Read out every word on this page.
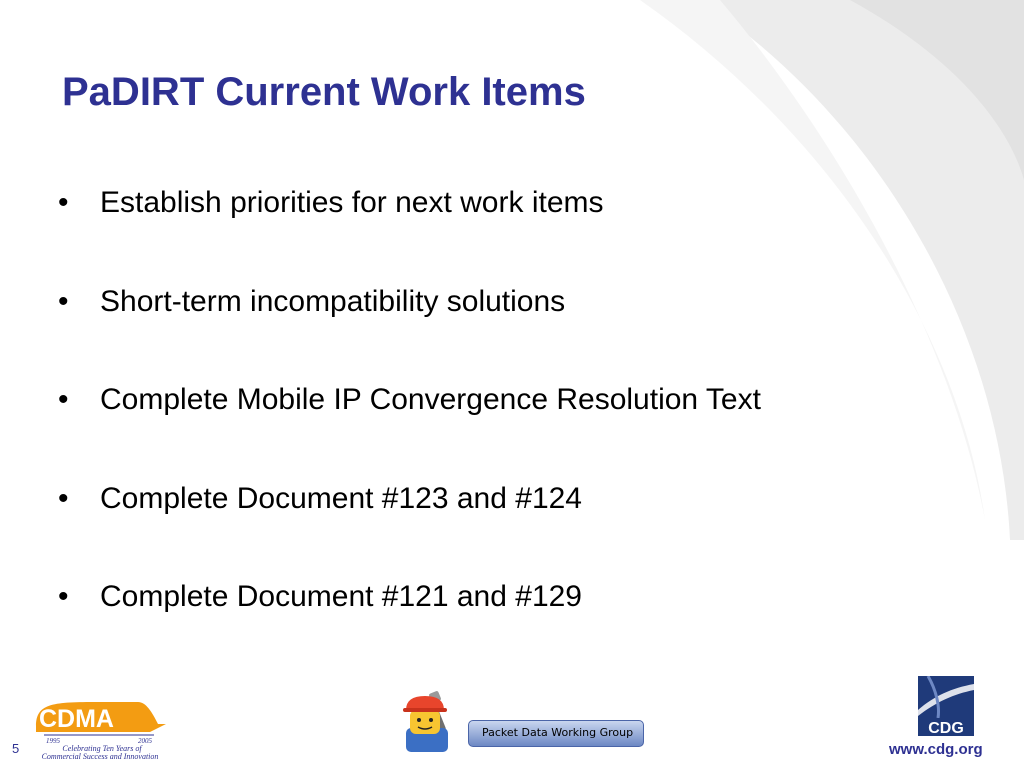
PaDIRT Current Work Items
•	Establish priorities for next work items
•	Short-term incompatibility solutions
•	Complete Mobile IP Convergence Resolution Text
•	Complete Document #123 and #124
•	Complete Document #121 and #129
5
CDMA
1995	2005
Celebrating Ten Years of
Commercial Success and Innovation
Packet Data Working Group	CDG
www.cdg.org
